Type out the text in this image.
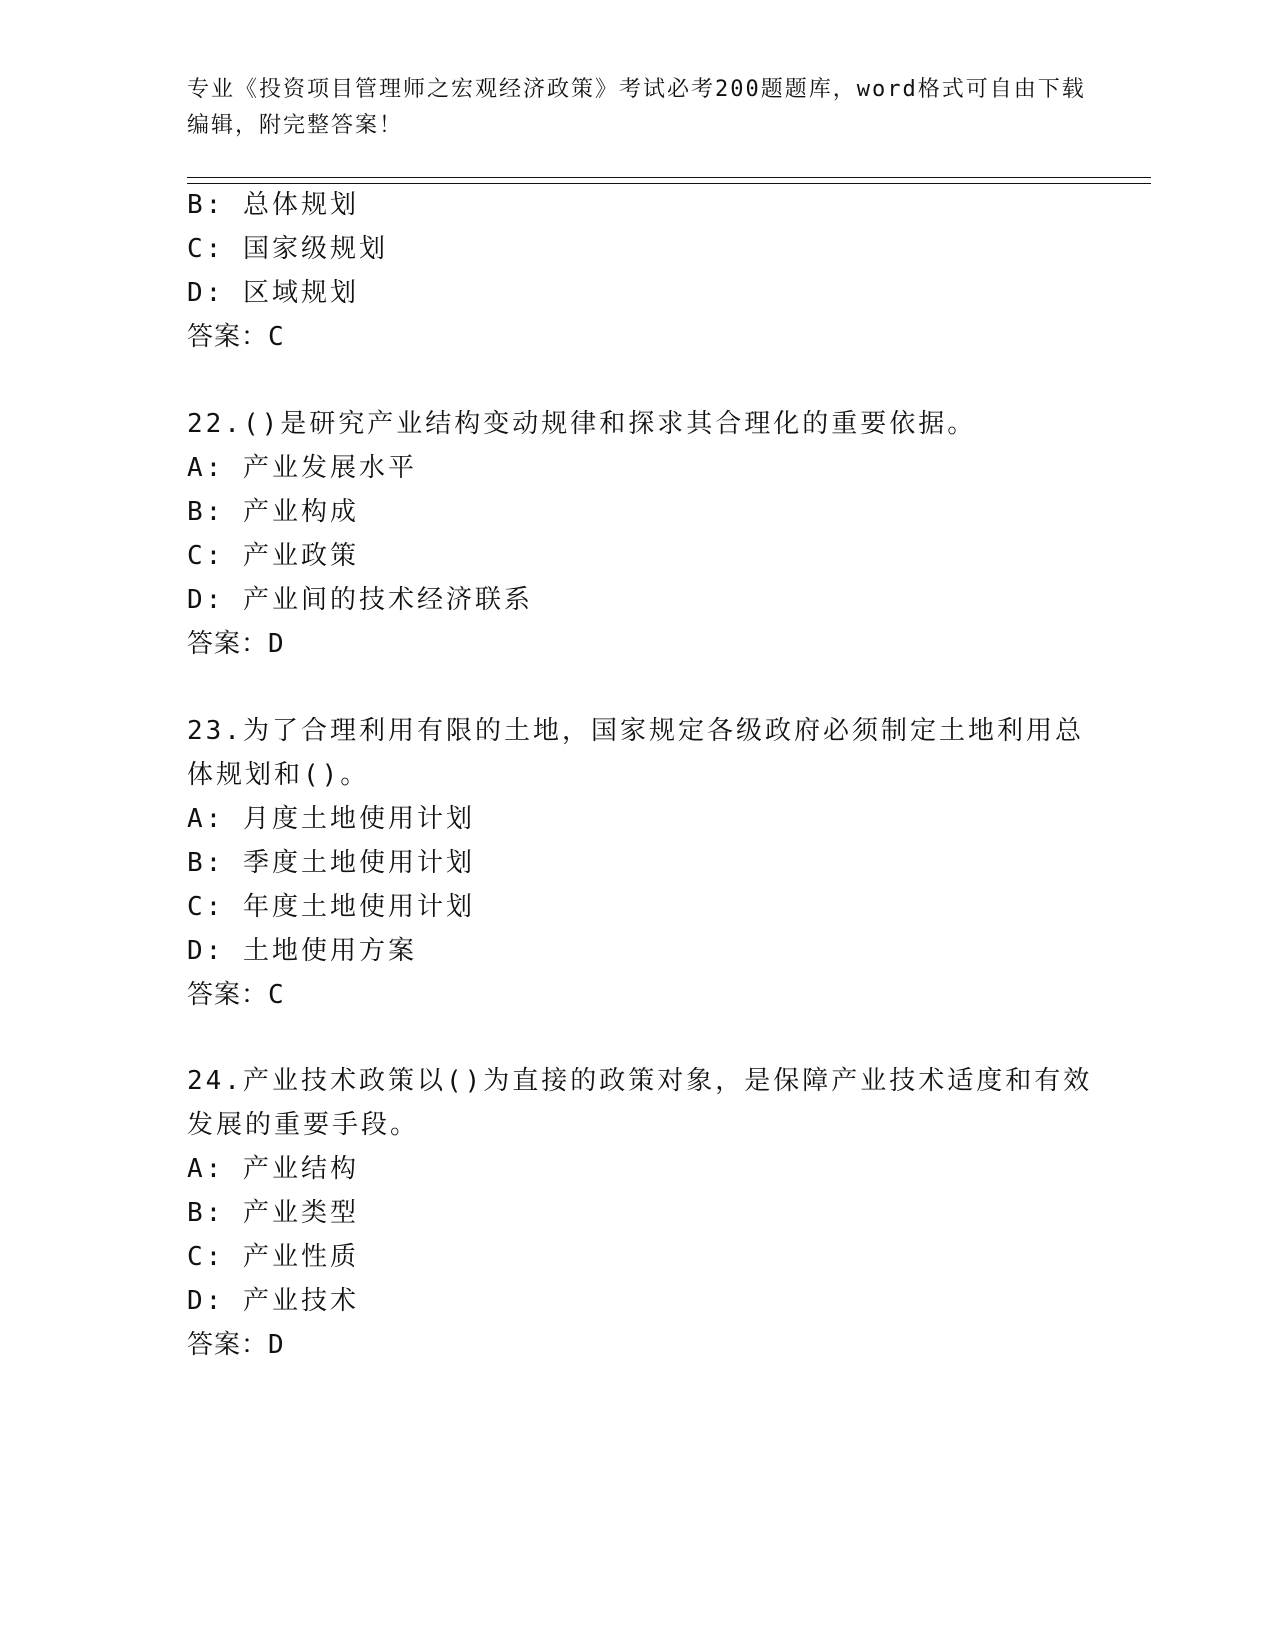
专业《投资项目管理师之宏观经济政策》考试必考200题题库，word格式可自由下载编辑，附完整答案！
B: 总体规划
C: 国家级规划
D: 区域规划
答案：C
22.()是研究产业结构变动规律和探求其合理化的重要依据。
A: 产业发展水平
B: 产业构成
C: 产业政策
D: 产业间的技术经济联系
答案：D
23.为了合理利用有限的土地，国家规定各级政府必须制定土地利用总
体规划和()。
A: 月度土地使用计划
B: 季度土地使用计划
C: 年度土地使用计划
D: 土地使用方案
答案：C
24.产业技术政策以()为直接的政策对象，是保障产业技术适度和有效
发展的重要手段。
A: 产业结构
B: 产业类型
C: 产业性质
D: 产业技术
答案：D
